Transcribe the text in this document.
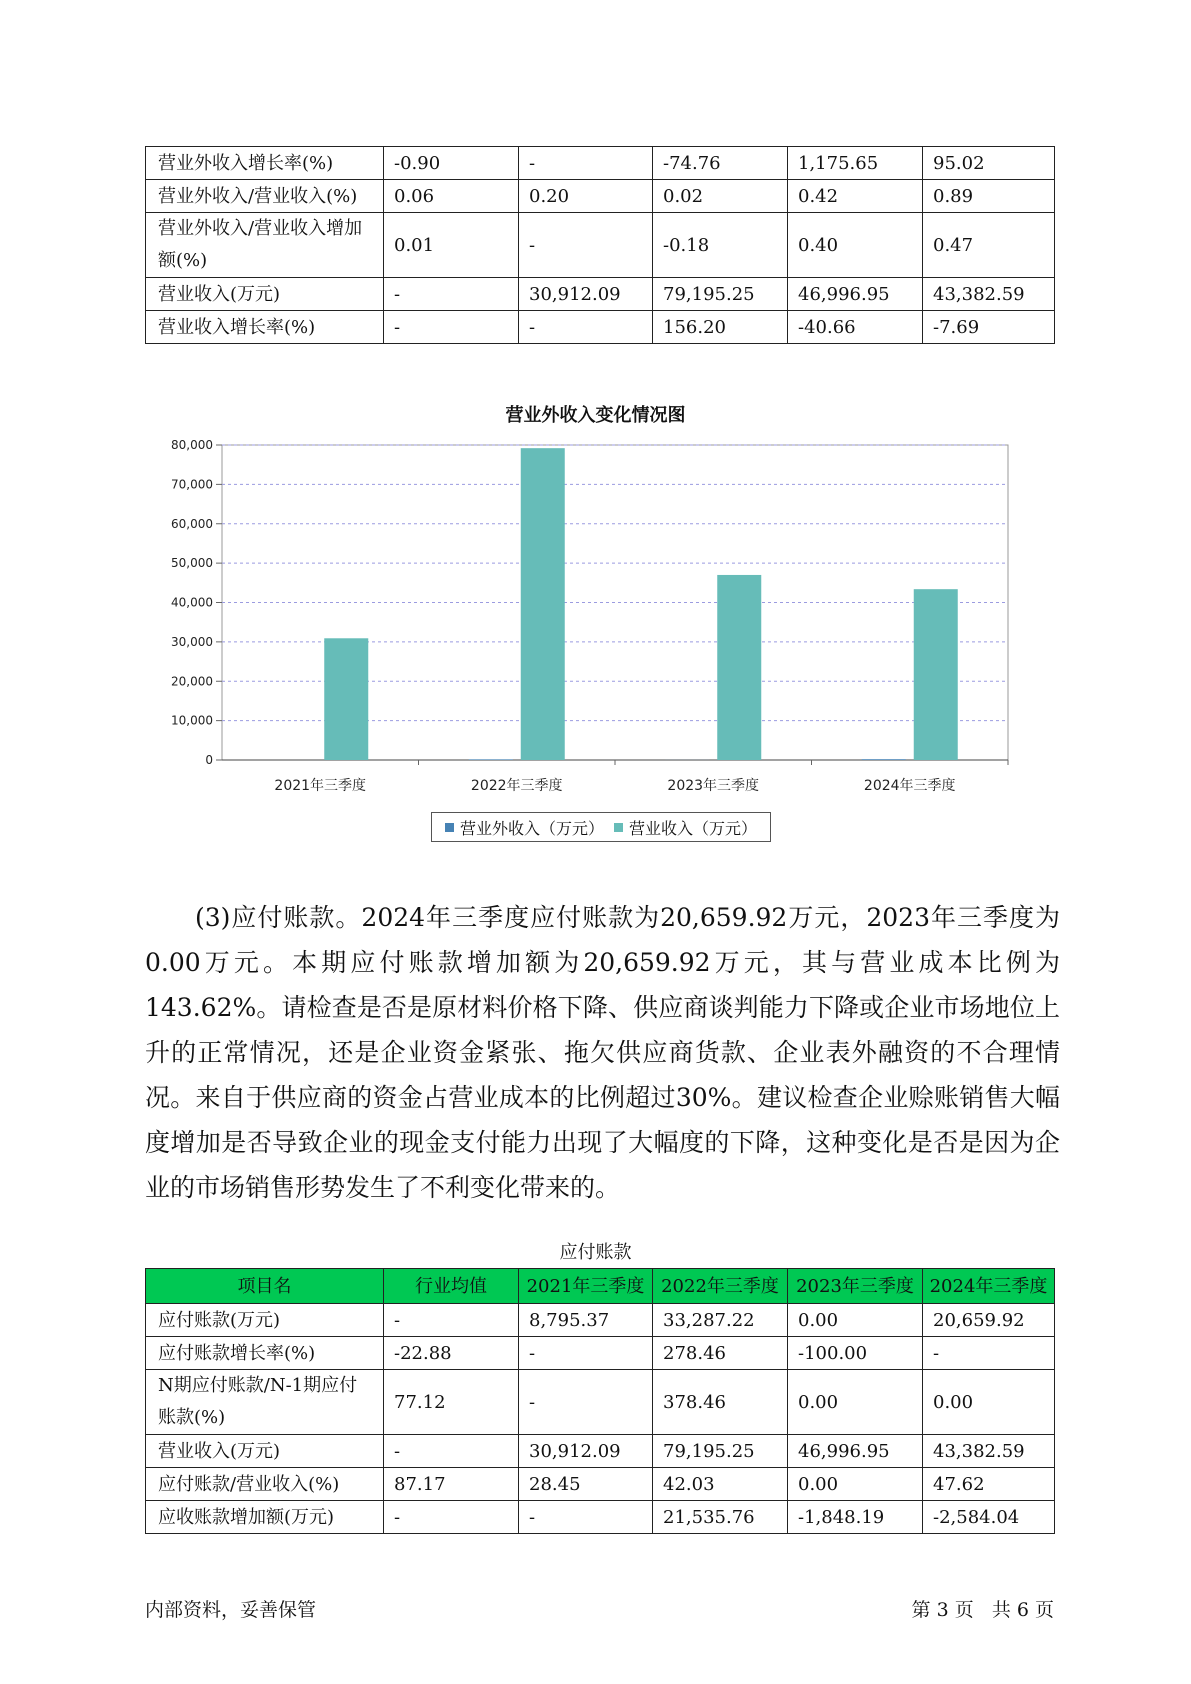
营业外收入增长率(%)	-0.90	-	-74.76	1,175.65	95.02
营业外收入/营业收入(%)	0.06	0.20	0.02	0.42	0.89
营业外收入/营业收入增加额(%)	0.01	-	-0.18	0.40	0.47
营业收入(万元)	-	30,912.09	79,195.25	46,996.95	43,382.59
营业收入增长率(%)	-	-	156.20	-40.66	-7.69
营业外收入变化情况图
0
10,000
20,000
30,000
40,000
50,000
60,000
70,000
80,000
2021年三季度	2022年三季度	2023年三季度	2024年三季度
营业外收入（万元） 营业收入（万元）

(3)应付账款。2024年三季度应付账款为20,659.92万元，2023年三季度为0.00万元。本期应付账款增加额为20,659.92万元，其与营业成本比例为143.62%。请检查是否是原材料价格下降、供应商谈判能力下降或企业市场地位上升的正常情况，还是企业资金紧张、拖欠供应商货款、企业表外融资的不合理情况。来自于供应商的资金占营业成本的比例超过30%。建议检查企业赊账销售大幅度增加是否导致企业的现金支付能力出现了大幅度的下降，这种变化是否是因为企业的市场销售形势发生了不利变化带来的。

应付账款
项目名	行业均值	2021年三季度	2022年三季度	2023年三季度	2024年三季度
应付账款(万元)	-	8,795.37	33,287.22	0.00	20,659.92
应付账款增长率(%)	-22.88	-	278.46	-100.00	-
N期应付账款/N-1期应付账款(%)	77.12	-	378.46	0.00	0.00
营业收入(万元)	-	30,912.09	79,195.25	46,996.95	43,382.59
应付账款/营业收入(%)	87.17	28.45	42.03	0.00	47.62
应收账款增加额(万元)	-	-	21,535.76	-1,848.19	-2,584.04
内部资料，妥善保管	第 3 页   共 6 页
